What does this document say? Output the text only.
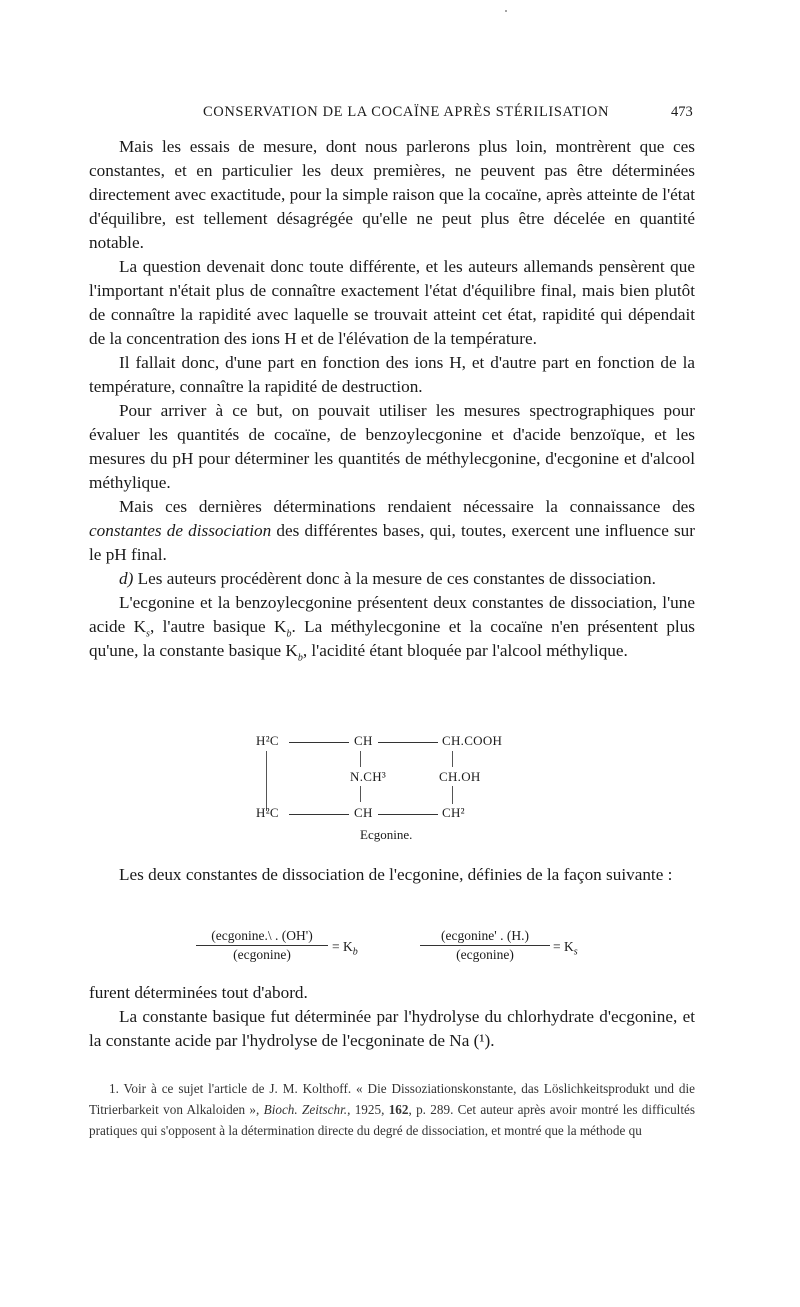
CONSERVATION DE LA COCAÏNE APRÈS STÉRILISATION	473

Mais les essais de mesure, dont nous parlerons plus loin, montrèrent que ces constantes, et en particulier les deux premières, ne peuvent pas être déterminées directement avec exactitude, pour la simple raison que la cocaïne, après atteinte de l'état d'équilibre, est tellement désagrégée qu'elle ne peut plus être décelée en quantité notable.

La question devenait donc toute différente, et les auteurs allemands pensèrent que l'important n'était plus de connaître exactement l'état d'équilibre final, mais bien plutôt de connaître la rapidité avec laquelle se trouvait atteint cet état, rapidité qui dépendait de la concentration des ions H et de l'élévation de la température.

Il fallait donc, d'une part en fonction des ions H, et d'autre part en fonction de la température, connaître la rapidité de destruction.

Pour arriver à ce but, on pouvait utiliser les mesures spectrographiques pour évaluer les quantités de cocaïne, de benzoylecgonine et d'acide benzoïque, et les mesures du pH pour déterminer les quantités de méthylecgonine, d'ecgonine et d'alcool méthylique.

Mais ces dernières déterminations rendaient nécessaire la connaissance des constantes de dissociation des différentes bases, qui, toutes, exercent une influence sur le pH final.

d) Les auteurs procédèrent donc à la mesure de ces constantes de dissociation.

L'ecgonine et la benzoylecgonine présentent deux constantes de dissociation, l'une acide $K_s$, l'autre basique $K_b$. La méthylecgonine et la cocaïne n'en présentent plus qu'une, la constante basique $K_b$, l'acidité étant bloquée par l'alcool méthylique.

H²C	CH	CH.COOH
N.CH³	CH.OH
H²C	CH	CH²
Ecgonine.

Les deux constantes de dissociation de l'ecgonine, définies de la façon suivante :

(ecgonine.\ . (OH')
(ecgonine)
= $K_b$
(ecgonine' . (H.)
(ecgonine)
= $K_s$

furent déterminées tout d'abord.

La constante basique fut déterminée par l'hydrolyse du chlorhydrate d'ecgonine, et la constante acide par l'hydrolyse de l'ecgoninate de Na (¹).

1. Voir à ce sujet l'article de J. M. Kolthoff. « Die Dissoziationskonstante, das Löslichkeitsprodukt und die Titrierbarkeit von Alkaloiden », Bioch. Zeitschr., 1925, 162, p. 289. Cet auteur après avoir montré les difficultés pratiques qui s'opposent à la détermination directe du degré de dissociation, et montré que la méthode qu
